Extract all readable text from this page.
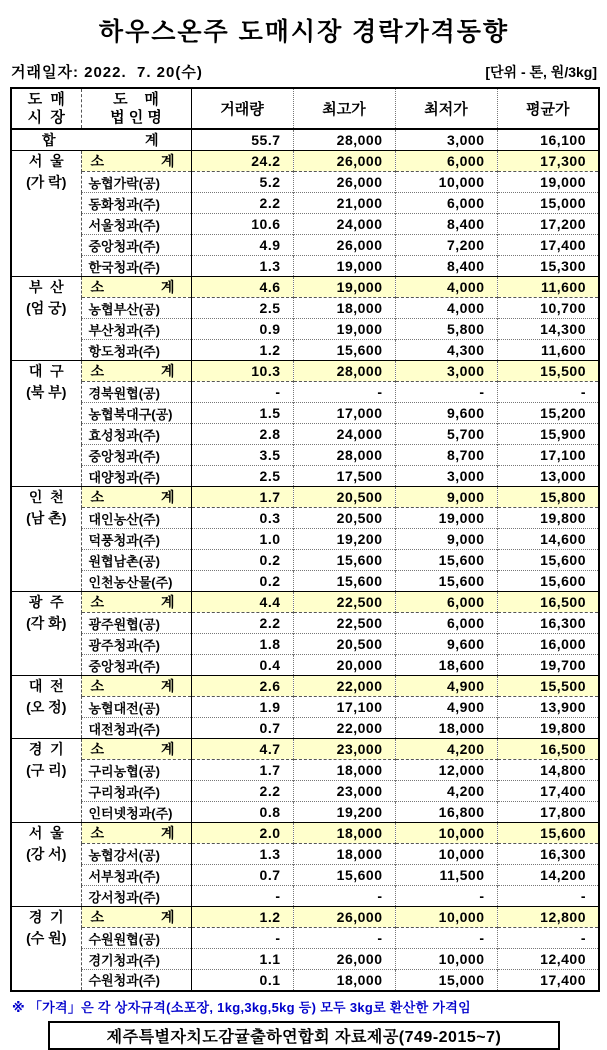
하우스온주 도매시장 경락가격동향
거래일자: 2022.  7. 20(수)	[단위 - 톤, 원/3kg]
도  매
시  장

도    매
법 인 명	거래량	최고가	최저가	평균가

합 계		55.7	28,000	3,000	16,100

서  울
(가 락)

소	계	24.2	26,000	6,000	17,300
	농협가락(공)	5.2	26,000	10,000	19,000
	동화청과(주)	2.2	21,000	6,000	15,000
	서울청과(주)	10.6	24,000	8,400	17,200
	중앙청과(주)	4.9	26,000	7,200	17,400
	한국청과(주)	1.3	19,000	8,400	15,300

부  산
(엄 궁)

소	계	4.6	19,000	4,000	11,600
	농협부산(공)	2.5	18,000	4,000	10,700
	부산청과(주)	0.9	19,000	5,800	14,300
	항도청과(주)	1.2	15,600	4,300	11,600

대  구
(북 부)

소	계	10.3	28,000	3,000	15,500
	경북원협(공)	-	-	-	-
	농협북대구(공)	1.5	17,000	9,600	15,200
	효성청과(주)	2.8	24,000	5,700	15,900
	중앙청과(주)	3.5	28,000	8,700	17,100
	대양청과(주)	2.5	17,500	3,000	13,000

인  천
(남 촌)

소	계	1.7	20,500	9,000	15,800
	대인농산(주)	0.3	20,500	19,000	19,800
	덕풍청과(주)	1.0	19,200	9,000	14,600
	원협남촌(공)	0.2	15,600	15,600	15,600
	인천농산물(주)	0.2	15,600	15,600	15,600

광  주
(각 화)

소	계	4.4	22,500	6,000	16,500
	광주원협(공)	2.2	22,500	6,000	16,300
	광주청과(주)	1.8	20,500	9,600	16,000
	중앙청과(주)	0.4	20,000	18,600	19,700

대  전
(오 정)

소	계	2.6	22,000	4,900	15,500
	농협대전(공)	1.9	17,100	4,900	13,900
	대전청과(주)	0.7	22,000	18,000	19,800

경  기
(구 리)

소	계	4.7	23,000	4,200	16,500
	구리농협(공)	1.7	18,000	12,000	14,800
	구리청과(주)	2.2	23,000	4,200	17,400
	인터넷청과(주)	0.8	19,200	16,800	17,800

서  울
(강 서)

소	계	2.0	18,000	10,000	15,600
	농협강서(공)	1.3	18,000	10,000	16,300
	서부청과(주)	0.7	15,600	11,500	14,200
	강서청과(주)	-	-	-	-

경  기
(수 원)

소	계	1.2	26,000	10,000	12,800
	수원원협(공)	-	-	-	-
	경기청과(주)	1.1	26,000	10,000	12,400
	수원청과(주)	0.1	18,000	15,000	17,400
※ 「가격」은 각 상자규격(소포장, 1kg,3kg,5kg 등) 모두 3kg로 환산한 가격임
제주특별자치도감귤출하연합회 자료제공(749-2015~7)
